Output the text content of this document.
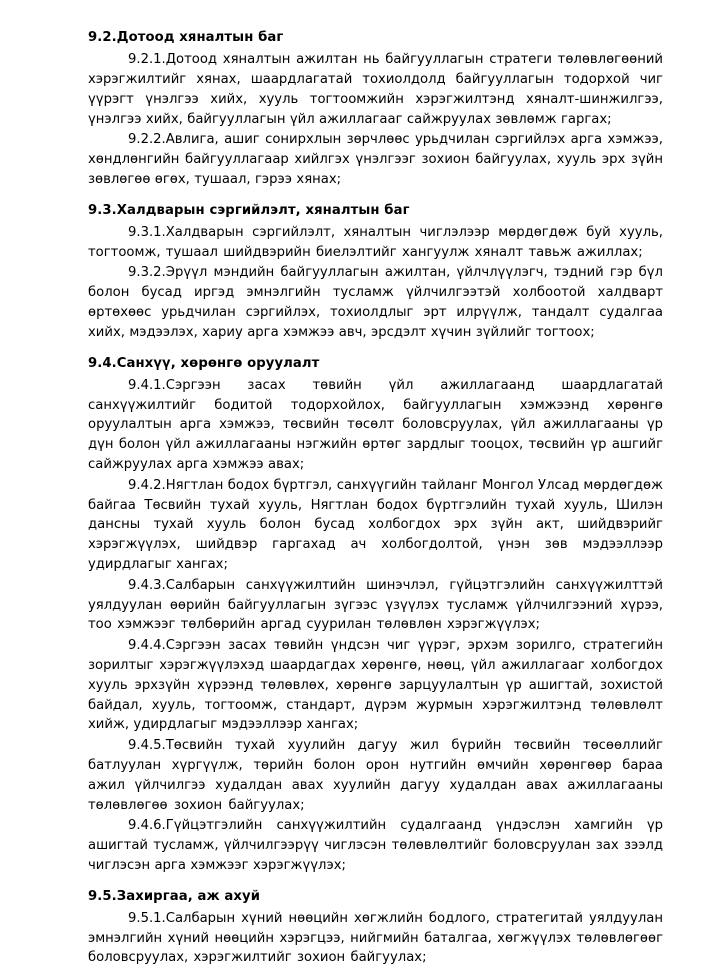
9.2.Дотоод хяналтын баг

9.2.1.Дотоод хяналтын ажилтан нь байгууллагын стратеги төлөвлөгөөний хэрэгжилтийг хянах, шаардлагатай тохиолдолд байгууллагын тодорхой чиг үүрэгт үнэлгээ хийх, хууль тогтоомжийн хэрэгжилтэнд хяналт-шинжилгээ, үнэлгээ хийх, байгууллагын үйл ажиллагааг сайжруулах зөвлөмж гаргах;

9.2.2.Авлига, ашиг сонирхлын зөрчлөөс урьдчилан сэргийлэх арга хэмжээ, хөндлөнгийн байгууллагаар хийлгэх үнэлгээг зохион байгуулах, хууль эрх зүйн зөвлөгөө өгөх, тушаал, гэрээ хянах;

9.3.Халдварын сэргийлэлт, хяналтын баг

9.3.1.Халдварын сэргийлэлт, хяналтын чиглэлээр мөрдөгдөж буй хууль, тогтоомж, тушаал шийдвэрийн биелэлтийг хангуулж хяналт тавьж ажиллах;

9.3.2.Эрүүл мэндийн байгууллагын ажилтан, үйлчлүүлэгч, тэдний гэр бүл болон бусад иргэд эмнэлгийн тусламж үйлчилгээтэй холбоотой халдварт өртөхөөс урьдчилан сэргийлэх, тохиолдлыг эрт илрүүлж, тандалт судалгаа хийх, мэдээлэх, хариу арга хэмжээ авч, эрсдэлт хүчин зүйлийг тогтоох;

9.4.Санхүү, хөрөнгө оруулалт

9.4.1.Сэргээн засах төвийн үйл ажиллагаанд шаардлагатай санхүүжилтийг бодитой тодорхойлох, байгууллагын хэмжээнд хөрөнгө оруулалтын арга хэмжээ, төсвийн төсөлт боловсруулах, үйл ажиллагааны үр дүн болон үйл ажиллагааны нэгжийн өртөг зардлыг тооцох, төсвийн үр ашгийг сайжруулах арга хэмжээ авах;

9.4.2.Нягтлан бодох бүртгэл, санхүүгийн тайланг Монгол Улсад мөрдөгдөж байгаа Төсвийн тухай хууль, Нягтлан бодох бүртгэлийн тухай хууль, Шилэн дансны тухай хууль болон бусад холбогдох эрх зүйн акт, шийдвэрийг хэрэгжүүлэх, шийдвэр гаргахад ач холбогдолтой, үнэн зөв мэдээллээр удирдлагыг хангах;

9.4.3.Салбарын санхүүжилтийн шинэчлэл, гүйцэтгэлийн санхүүжилттэй уялдуулан өөрийн байгууллагын зүгээс үзүүлэх тусламж үйлчилгээний хүрээ, тоо хэмжээг төлбөрийн аргад суурилан төлөвлөн хэрэгжүүлэх;

9.4.4.Сэргээн засах төвийн үндсэн чиг үүрэг, эрхэм зорилго, стратегийн зорилтыг хэрэгжүүлэхэд шаардагдах хөрөнгө, нөөц, үйл ажиллагааг холбогдох хууль эрхзүйн хүрээнд төлөвлөх, хөрөнгө зарцуулалтын үр ашигтай, зохистой байдал, хууль, тогтоомж, стандарт, дүрэм журмын хэрэгжилтэнд төлөвлөлт хийж, удирдлагыг мэдээллээр хангах;

9.4.5.Төсвийн тухай хуулийн дагуу жил бүрийн төсвийн төсөөллийг батлуулан хүргүүлж, төрийн болон орон нутгийн өмчийн хөрөнгөөр бараа ажил үйлчилгээ худалдан авах хуулийн дагуу худалдан авах ажиллагааны төлөвлөгөө зохион байгуулах;

9.4.6.Гүйцэтгэлийн санхүүжилтийн судалгаанд үндэслэн хамгийн үр ашигтай тусламж, үйлчилгээрүү чиглэсэн төлөвлөлтийг боловсруулан зах зээлд чиглэсэн арга хэмжээг хэрэгжүүлэх;

9.5.Захиргаа, аж ахуй

9.5.1.Салбарын хүний нөөцийн хөгжлийн бодлого, стратегитай уялдуулан эмнэлгийн хүний нөөцийн хэрэгцээ, нийгмийн баталгаа, хөгжүүлэх төлөвлөгөөг боловсруулах, хэрэгжилтийг зохион байгуулах;
